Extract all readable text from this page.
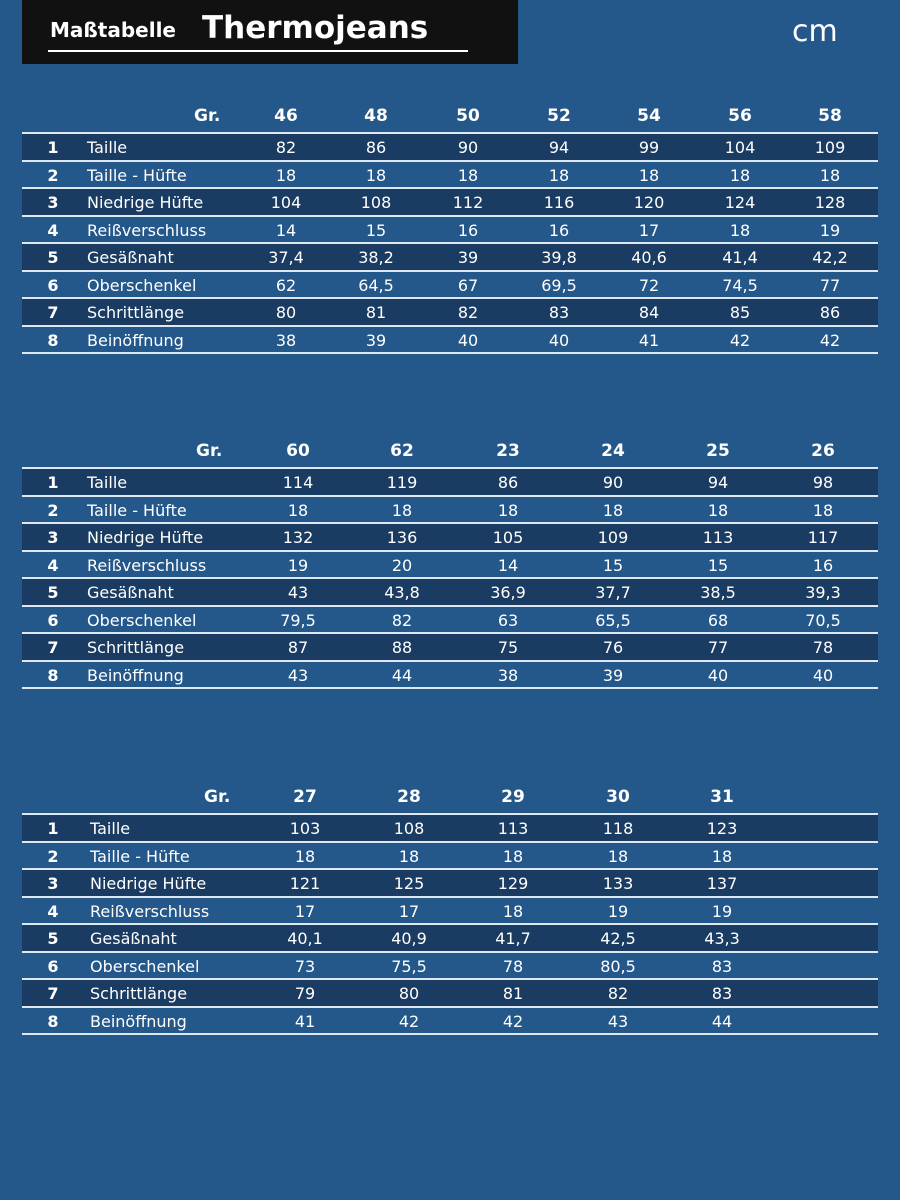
Maßtabelle Thermojeans	cm
Gr.	46	48	50	52	54	56	58
1 Taille	82	86	90	94	99	104	109
2 Taille - Hüfte	18	18	18	18	18	18	18
3 Niedrige Hüfte	104	108	112	116	120	124	128
4 Reißverschluss	14	15	16	16	17	18	19
5 Gesäßnaht	37,4	38,2	39	39,8	40,6	41,4	42,2
6 Oberschenkel	62	64,5	67	69,5	72	74,5	77
7 Schrittlänge	80	81	82	83	84	85	86
8 Beinöffnung	38	39	40	40	41	42	42
Gr.	60	62	23	24	25	26
1 Taille	114	119	86	90	94	98
2 Taille - Hüfte	18	18	18	18	18	18
3 Niedrige Hüfte	132	136	105	109	113	117
4 Reißverschluss	19	20	14	15	15	16
5 Gesäßnaht	43	43,8	36,9	37,7	38,5	39,3
6 Oberschenkel	79,5	82	63	65,5	68	70,5
7 Schrittlänge	87	88	75	76	77	78
8 Beinöffnung	43	44	38	39	40	40
Gr.	27	28	29	30	31
1 Taille	103	108	113	118	123
2 Taille - Hüfte	18	18	18	18	18
3 Niedrige Hüfte	121	125	129	133	137
4 Reißverschluss	17	17	18	19	19
5 Gesäßnaht	40,1	40,9	41,7	42,5	43,3
6 Oberschenkel	73	75,5	78	80,5	83
7 Schrittlänge	79	80	81	82	83
8 Beinöffnung	41	42	42	43	44
